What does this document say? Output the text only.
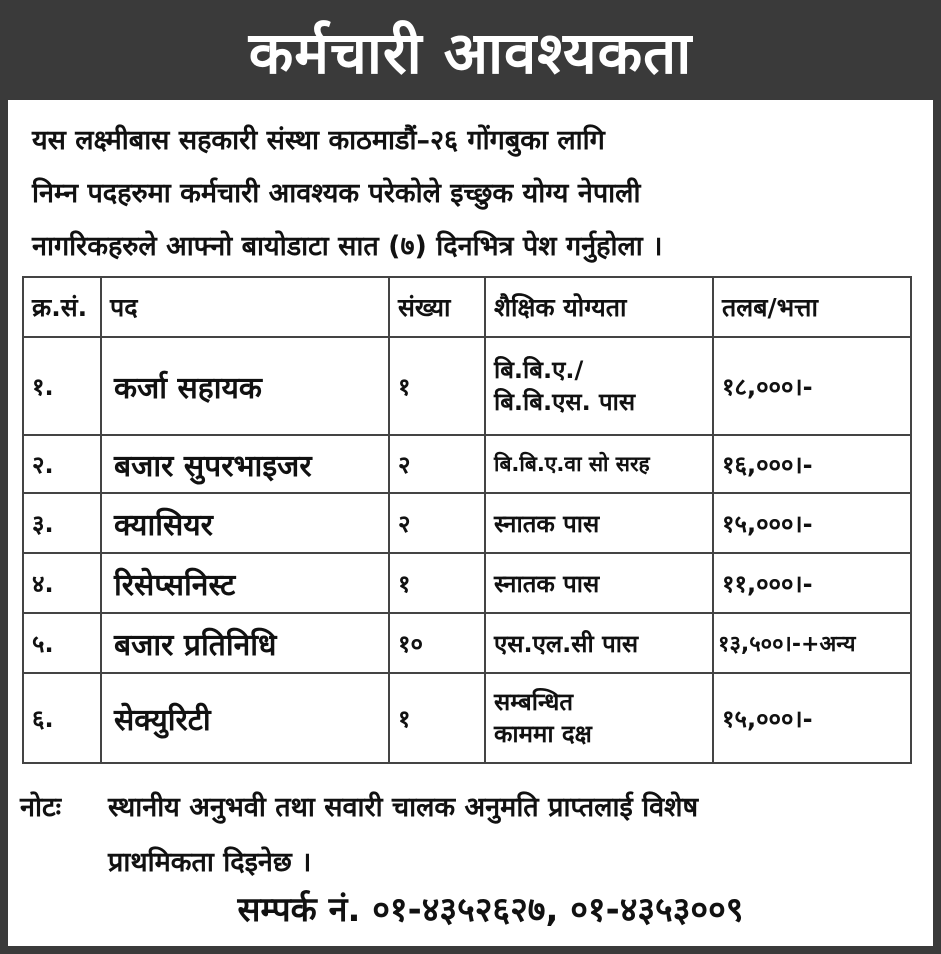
कर्मचारी आवश्यकता

यस लक्ष्मीबास सहकारी संस्था काठमाडौं–२६ गोंगबुका लागि

निम्न पदहरुमा कर्मचारी आवश्यक परेकोले इच्छुक योग्य नेपाली

नागरिकहरुले आफ्नो बायोडाटा सात (७) दिनभित्र पेश गर्नुहोला ।

क्र.सं.	पद	संख्या	शैक्षिक योग्यता	तलब/भत्ता
१.	कर्जा सहायक	१	बि.बि.ए./
बि.बि.एस. पास	१८,०००।-
२.	बजार सुपरभाइजर	२	बि.बि.ए.वा सो सरह	१६,०००।-
३.	क्यासियर	२	स्नातक पास	१५,०००।-
४.	रिसेप्सनिस्ट	१	स्नातक पास	११,०००।-
५.	बजार प्रतिनिधि	१०	एस.एल.सी पास	१३,५००।-+अन्य
६.	सेक्युरिटी	१	सम्बन्धित
काममा दक्ष	१५,०००।-
नोटः स्थानीय अनुभवी तथा सवारी चालक अनुमति प्राप्तलाई विशेष
प्राथमिकता दिइनेछ ।
सम्पर्क नं. ०१-४३५२६२७, ०१-४३५३००९
